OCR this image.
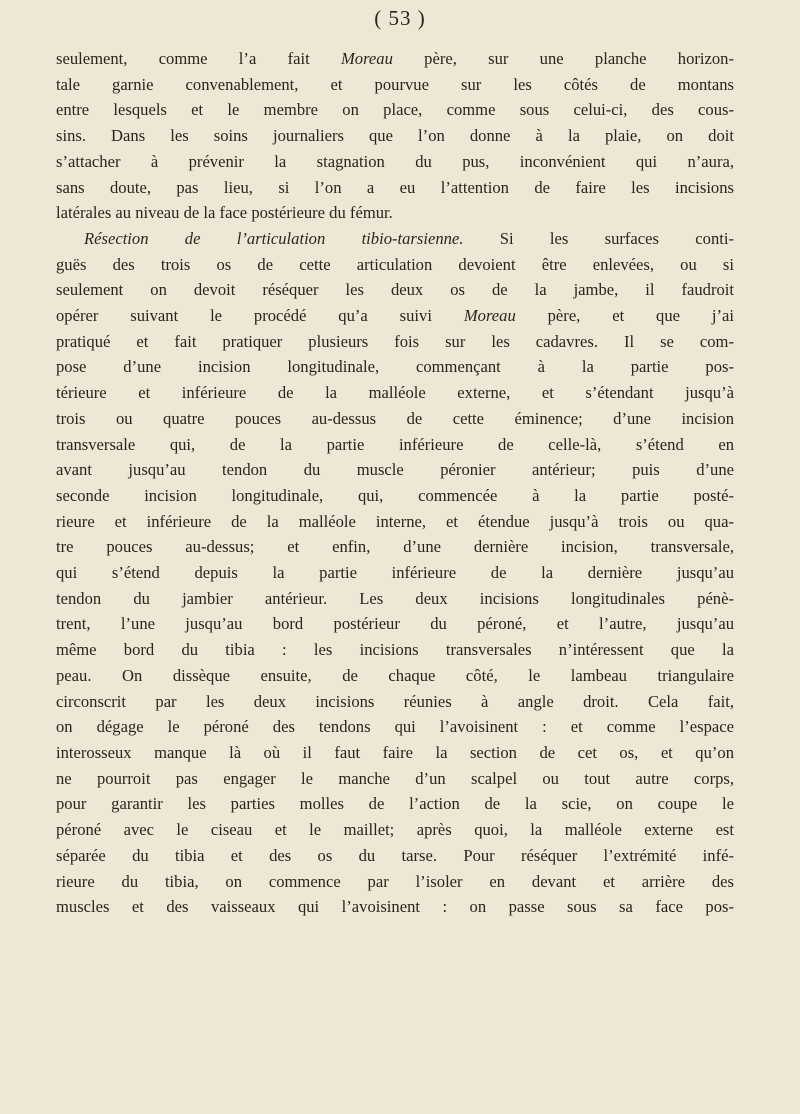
( 53 )
seulement, comme l’a fait Moreau père, sur une planche horizon-
tale garnie convenablement, et pourvue sur les côtés de montans
entre lesquels et le membre on place, comme sous celui-ci, des cous-
sins. Dans les soins journaliers que l’on donne à la plaie, on doit
s’attacher à prévenir la stagnation du pus, inconvénient qui n’aura,
sans doute, pas lieu, si l’on a eu l’attention de faire les incisions
latérales au niveau de la face postérieure du fémur.
Résection de l’articulation tibio-tarsienne. Si les surfaces conti-
guës des trois os de cette articulation devoient être enlevées, ou si
seulement on devoit réséquer les deux os de la jambe, il faudroit
opérer suivant le procédé qu’a suivi Moreau père, et que j’ai
pratiqué et fait pratiquer plusieurs fois sur les cadavres. Il se com-
pose d’une incision longitudinale, commençant à la partie pos-
térieure et inférieure de la malléole externe, et s’étendant jusqu’à
trois ou quatre pouces au-dessus de cette éminence; d’une incision
transversale qui, de la partie inférieure de celle-là, s’étend en
avant jusqu’au tendon du muscle péronier antérieur; puis d’une
seconde incision longitudinale, qui, commencée à la partie posté-
rieure et inférieure de la malléole interne, et étendue jusqu’à trois ou qua-
tre pouces au-dessus; et enfin, d’une dernière incision, transversale,
qui s’étend depuis la partie inférieure de la dernière jusqu’au
tendon du jambier antérieur. Les deux incisions longitudinales pénè-
trent, l’une jusqu’au bord postérieur du péroné, et l’autre, jusqu’au
même bord du tibia : les incisions transversales n’intéressent que la
peau. On dissèque ensuite, de chaque côté, le lambeau triangulaire
circonscrit par les deux incisions réunies à angle droit. Cela fait,
on dégage le péroné des tendons qui l’avoisinent : et comme l’espace
interosseux manque là où il faut faire la section de cet os, et qu’on
ne pourroit pas engager le manche d’un scalpel ou tout autre corps,
pour garantir les parties molles de l’action de la scie, on coupe le
péroné avec le ciseau et le maillet; après quoi, la malléole externe est
séparée du tibia et des os du tarse. Pour réséquer l’extrémité infé-
rieure du tibia, on commence par l’isoler en devant et arrière des
muscles et des vaisseaux qui l’avoisinent : on passe sous sa face pos-
